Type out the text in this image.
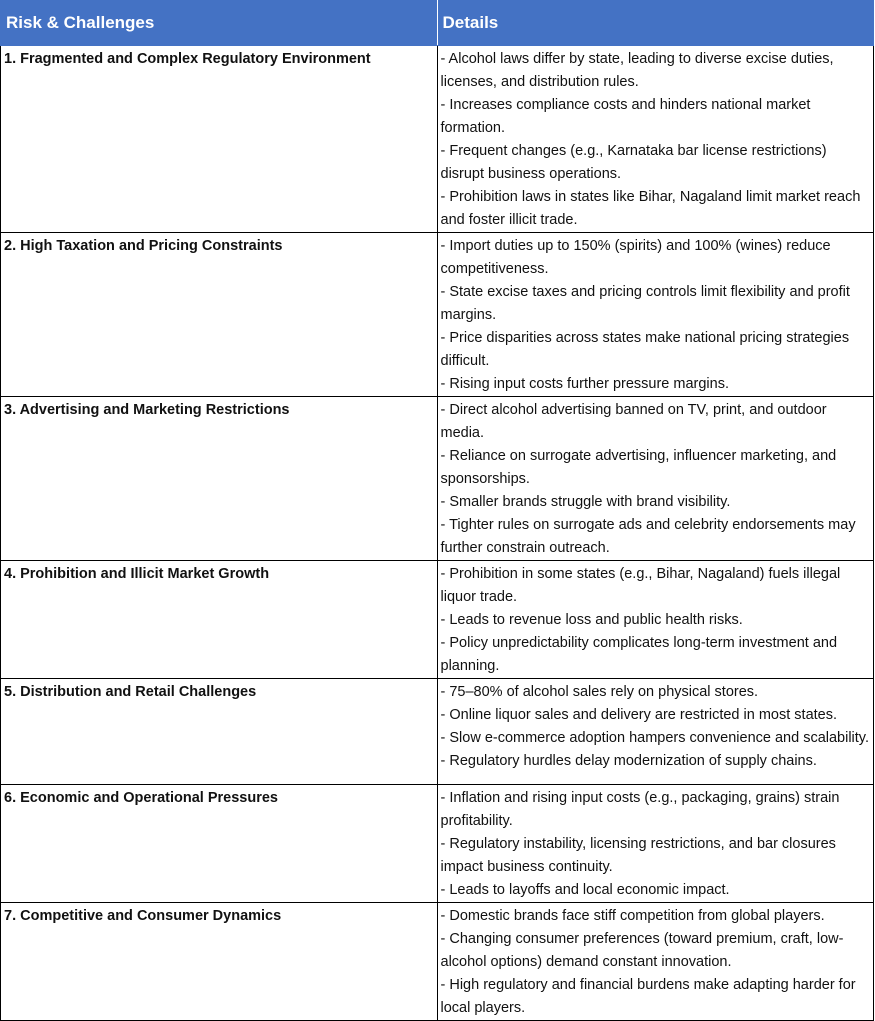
Risk & Challenges	Details
1. Fragmented and Complex Regulatory Environment	- Alcohol laws differ by state, leading to diverse excise duties, licenses, and distribution rules.
- Increases compliance costs and hinders national market formation.
- Frequent changes (e.g., Karnataka bar license restrictions) disrupt business operations.
- Prohibition laws in states like Bihar, Nagaland limit market reach and foster illicit trade.

2. High Taxation and Pricing Constraints	- Import duties up to 150% (spirits) and 100% (wines) reduce competitiveness.
- State excise taxes and pricing controls limit flexibility and profit margins.
- Price disparities across states make national pricing strategies difficult.
- Rising input costs further pressure margins.

3. Advertising and Marketing Restrictions	- Direct alcohol advertising banned on TV, print, and outdoor media.
- Reliance on surrogate advertising, influencer marketing, and sponsorships.
- Smaller brands struggle with brand visibility.
- Tighter rules on surrogate ads and celebrity endorsements may further constrain outreach.

4. Prohibition and Illicit Market Growth	- Prohibition in some states (e.g., Bihar, Nagaland) fuels illegal liquor trade.
- Leads to revenue loss and public health risks.
- Policy unpredictability complicates long-term investment and planning.

5. Distribution and Retail Challenges	- 75–80% of alcohol sales rely on physical stores.
- Online liquor sales and delivery are restricted in most states.
- Slow e-commerce adoption hampers convenience and scalability.
- Regulatory hurdles delay modernization of supply chains.

6. Economic and Operational Pressures	- Inflation and rising input costs (e.g., packaging, grains) strain profitability.
- Regulatory instability, licensing restrictions, and bar closures impact business continuity.
- Leads to layoffs and local economic impact.

7. Competitive and Consumer Dynamics	- Domestic brands face stiff competition from global players.
- Changing consumer preferences (toward premium, craft, low-alcohol options) demand constant innovation.
- High regulatory and financial burdens make adapting harder for local players.
